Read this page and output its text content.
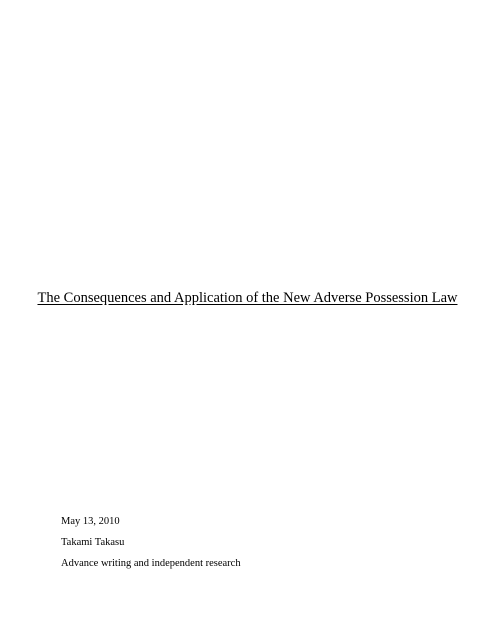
The Consequences and Application of the New Adverse Possession Law
May 13, 2010
Takami Takasu
Advance writing and independent research
